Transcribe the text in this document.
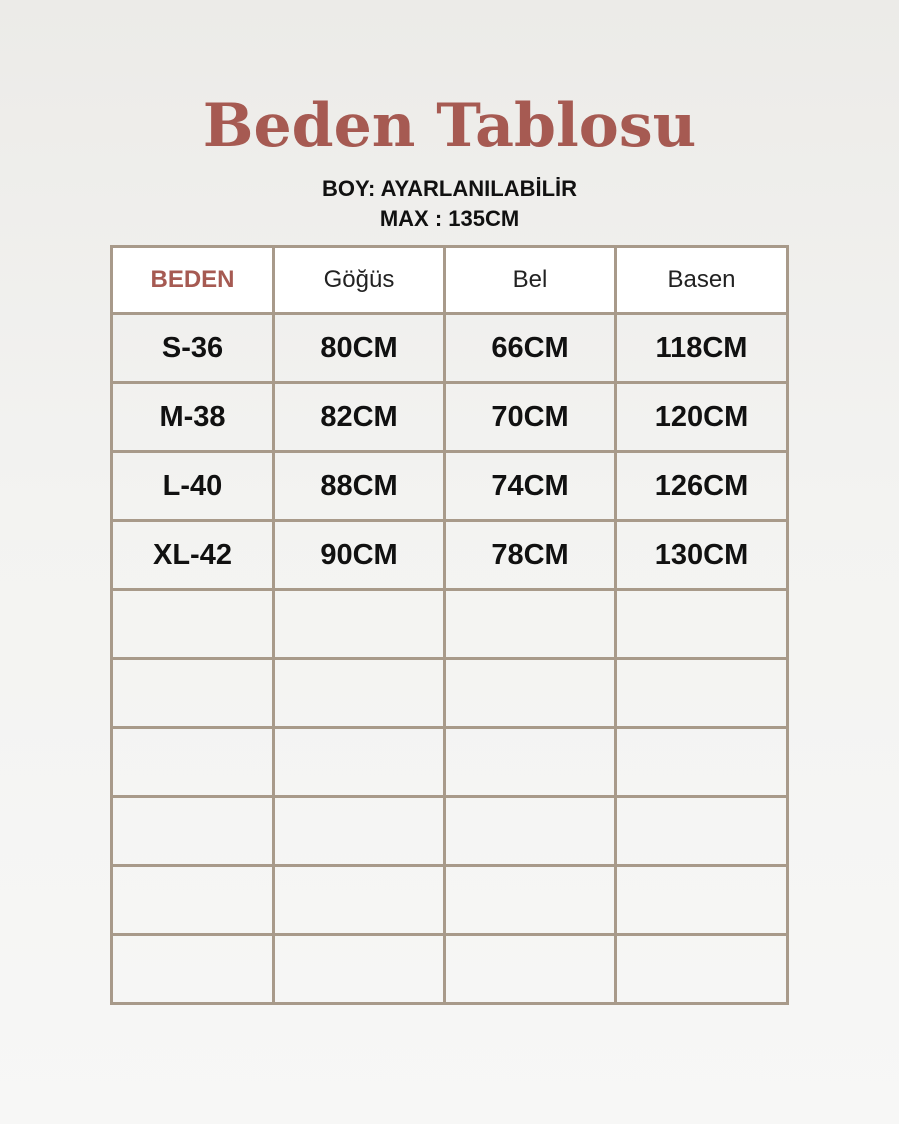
Beden Tablosu
BOY: AYARLANILABİLİR
MAX : 135CM
BEDEN	Göğüs	Bel	Basen
S-36	80CM	66CM	118CM
M-38	82CM	70CM	120CM
L-40	88CM	74CM	126CM
XL-42	90CM	78CM	130CM
